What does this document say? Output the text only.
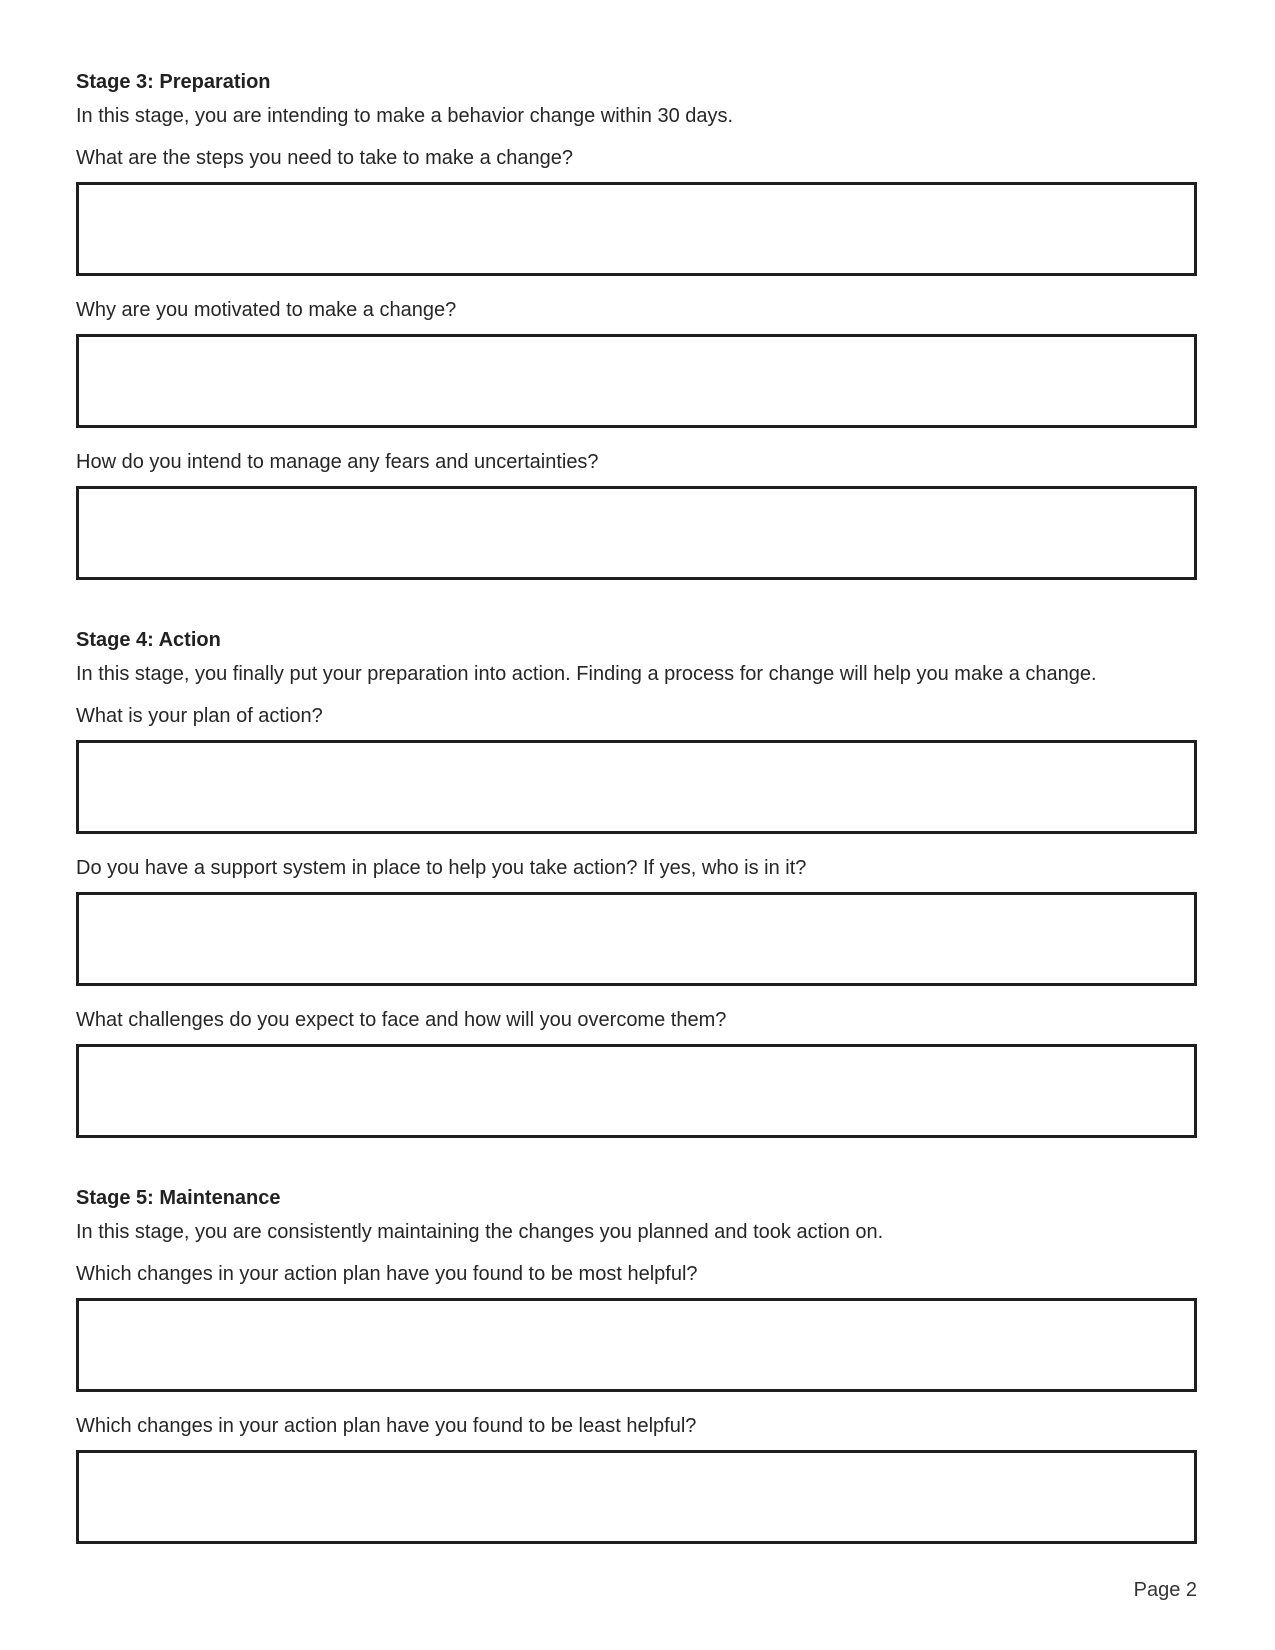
Stage 3: Preparation
In this stage, you are intending to make a behavior change within 30 days.
What are the steps you need to take to make a change?
Why are you motivated to make a change?
How do you intend to manage any fears and uncertainties?
Stage 4: Action
In this stage, you finally put your preparation into action. Finding a process for change will help you make a change.
What is your plan of action?
Do you have a support system in place to help you take action? If yes, who is in it?
What challenges do you expect to face and how will you overcome them?
Stage 5: Maintenance
In this stage, you are consistently maintaining the changes you planned and took action on.
Which changes in your action plan have you found to be most helpful?
Which changes in your action plan have you found to be least helpful?
Page 2
